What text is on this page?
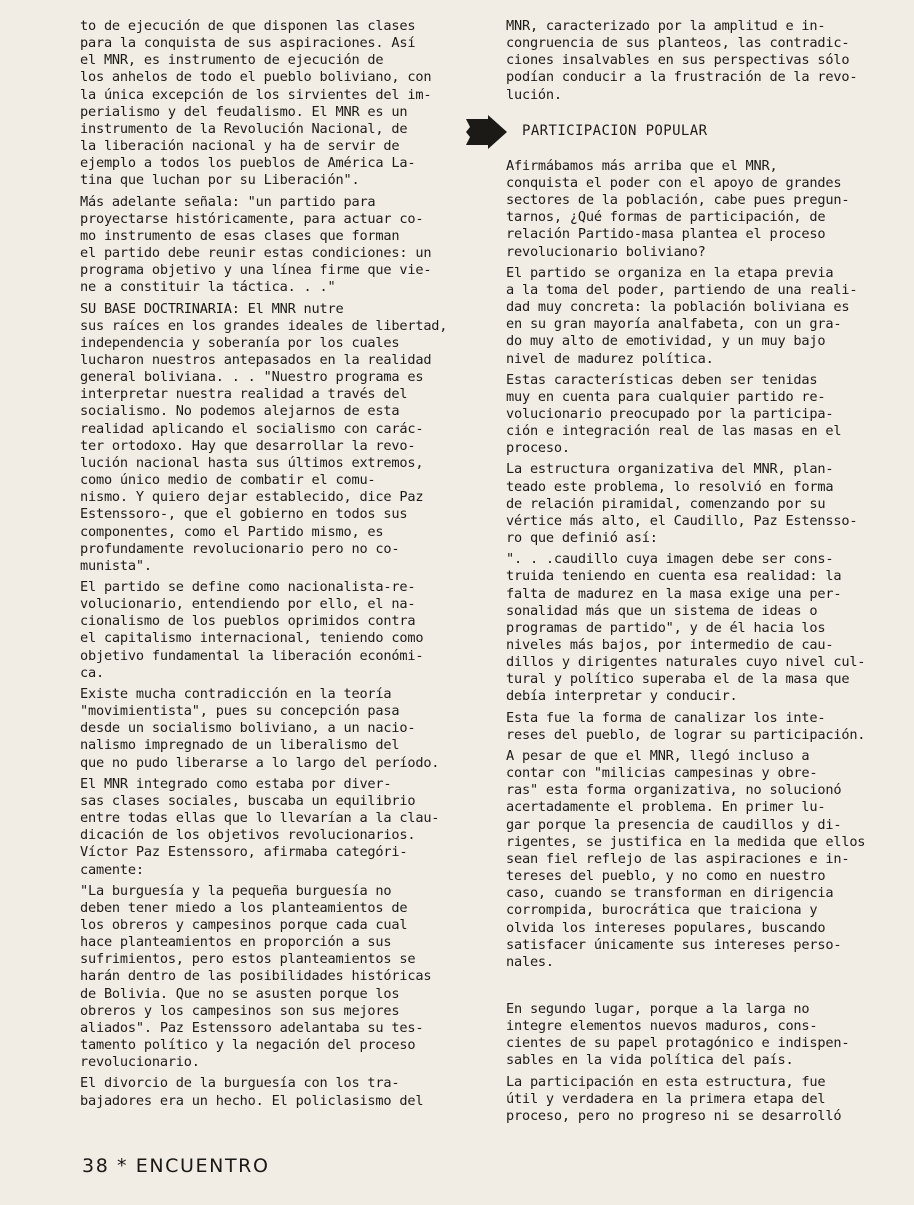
to de ejecución de que disponen las clases
para la conquista de sus aspiraciones. Así
el MNR, es instrumento de ejecución de
los anhelos de todo el pueblo boliviano, con
la única excepción de los sirvientes del im-
perialismo y del feudalismo. El MNR es un
instrumento de la Revolución Nacional, de
la liberación nacional y ha de servir de
ejemplo a todos los pueblos de América La-
tina que luchan por su Liberación".

Más adelante señala: "un partido para
proyectarse históricamente, para actuar co-
mo instrumento de esas clases que forman
el partido debe reunir estas condiciones: un
programa objetivo y una línea firme que vie-
ne a constituir la táctica. . ."

SU BASE DOCTRINARIA: El MNR nutre
sus raíces en los grandes ideales de libertad,
independencia y soberanía por los cuales
lucharon nuestros antepasados en la realidad
general boliviana. . . "Nuestro programa es
interpretar nuestra realidad a través del
socialismo. No podemos alejarnos de esta
realidad aplicando el socialismo con carác-
ter ortodoxo. Hay que desarrollar la revo-
lución nacional hasta sus últimos extremos,
como único medio de combatir el comu-
nismo. Y quiero dejar establecido, dice Paz
Estenssoro-, que el gobierno en todos sus
componentes, como el Partido mismo, es
profundamente revolucionario pero no co-
munista".

El partido se define como nacionalista-re-
volucionario, entendiendo por ello, el na-
cionalismo de los pueblos oprimidos contra
el capitalismo internacional, teniendo como
objetivo fundamental la liberación económi-
ca.

Existe mucha contradicción en la teoría
"movimientista", pues su concepción pasa
desde un socialismo boliviano, a un nacio-
nalismo impregnado de un liberalismo del
que no pudo liberarse a lo largo del período.

El MNR integrado como estaba por diver-
sas clases sociales, buscaba un equilibrio
entre todas ellas que lo llevarían a la clau-
dicación de los objetivos revolucionarios.
Víctor Paz Estenssoro, afirmaba categóri-
camente:

"La burguesía y la pequeña burguesía no
deben tener miedo a los planteamientos de
los obreros y campesinos porque cada cual
hace planteamientos en proporción a sus
sufrimientos, pero estos planteamientos se
harán dentro de las posibilidades históricas
de Bolivia. Que no se asusten porque los
obreros y los campesinos son sus mejores
aliados". Paz Estenssoro adelantaba su tes-
tamento político y la negación del proceso
revolucionario.

El divorcio de la burguesía con los tra-
bajadores era un hecho. El policlasismo del

MNR, caracterizado por la amplitud e in-
congruencia de sus planteos, las contradic-
ciones insalvables en sus perspectivas sólo
podían conducir a la frustración de la revo-
lución.

PARTICIPACION POPULAR

Afirmábamos más arriba que el MNR,
conquista el poder con el apoyo de grandes
sectores de la población, cabe pues pregun-
tarnos, ¿Qué formas de participación, de
relación Partido-masa plantea el proceso
revolucionario boliviano?

El partido se organiza en la etapa previa
a la toma del poder, partiendo de una reali-
dad muy concreta: la población boliviana es
en su gran mayoría analfabeta, con un gra-
do muy alto de emotividad, y un muy bajo
nivel de madurez política.

Estas características deben ser tenidas
muy en cuenta para cualquier partido re-
volucionario preocupado por la participa-
ción e integración real de las masas en el
proceso.

La estructura organizativa del MNR, plan-
teado este problema, lo resolvió en forma
de relación piramidal, comenzando por su
vértice más alto, el Caudillo, Paz Estensso-
ro que definió así:

". . .caudillo cuya imagen debe ser cons-
truida teniendo en cuenta esa realidad: la
falta de madurez en la masa exige una per-
sonalidad más que un sistema de ideas o
programas de partido", y de él hacia los
niveles más bajos, por intermedio de cau-
dillos y dirigentes naturales cuyo nivel cul-
tural y político superaba el de la masa que
debía interpretar y conducir.

Esta fue la forma de canalizar los inte-
reses del pueblo, de lograr su participación.

A pesar de que el MNR, llegó incluso a
contar con "milicias campesinas y obre-
ras" esta forma organizativa, no solucionó
acertadamente el problema. En primer lu-
gar porque la presencia de caudillos y di-
rigentes, se justifica en la medida que ellos
sean fiel reflejo de las aspiraciones e in-
tereses del pueblo, y no como en nuestro
caso, cuando se transforman en dirigencia
corrompida, burocrática que traiciona y
olvida los intereses populares, buscando
satisfacer únicamente sus intereses perso-
nales.

En segundo lugar, porque a la larga no
integre elementos nuevos maduros, cons-
cientes de su papel protagónico e indispen-
sables en la vida política del país.

La participación en esta estructura, fue
útil y verdadera en la primera etapa del
proceso, pero no progreso ni se desarrolló

38 * ENCUENTRO
